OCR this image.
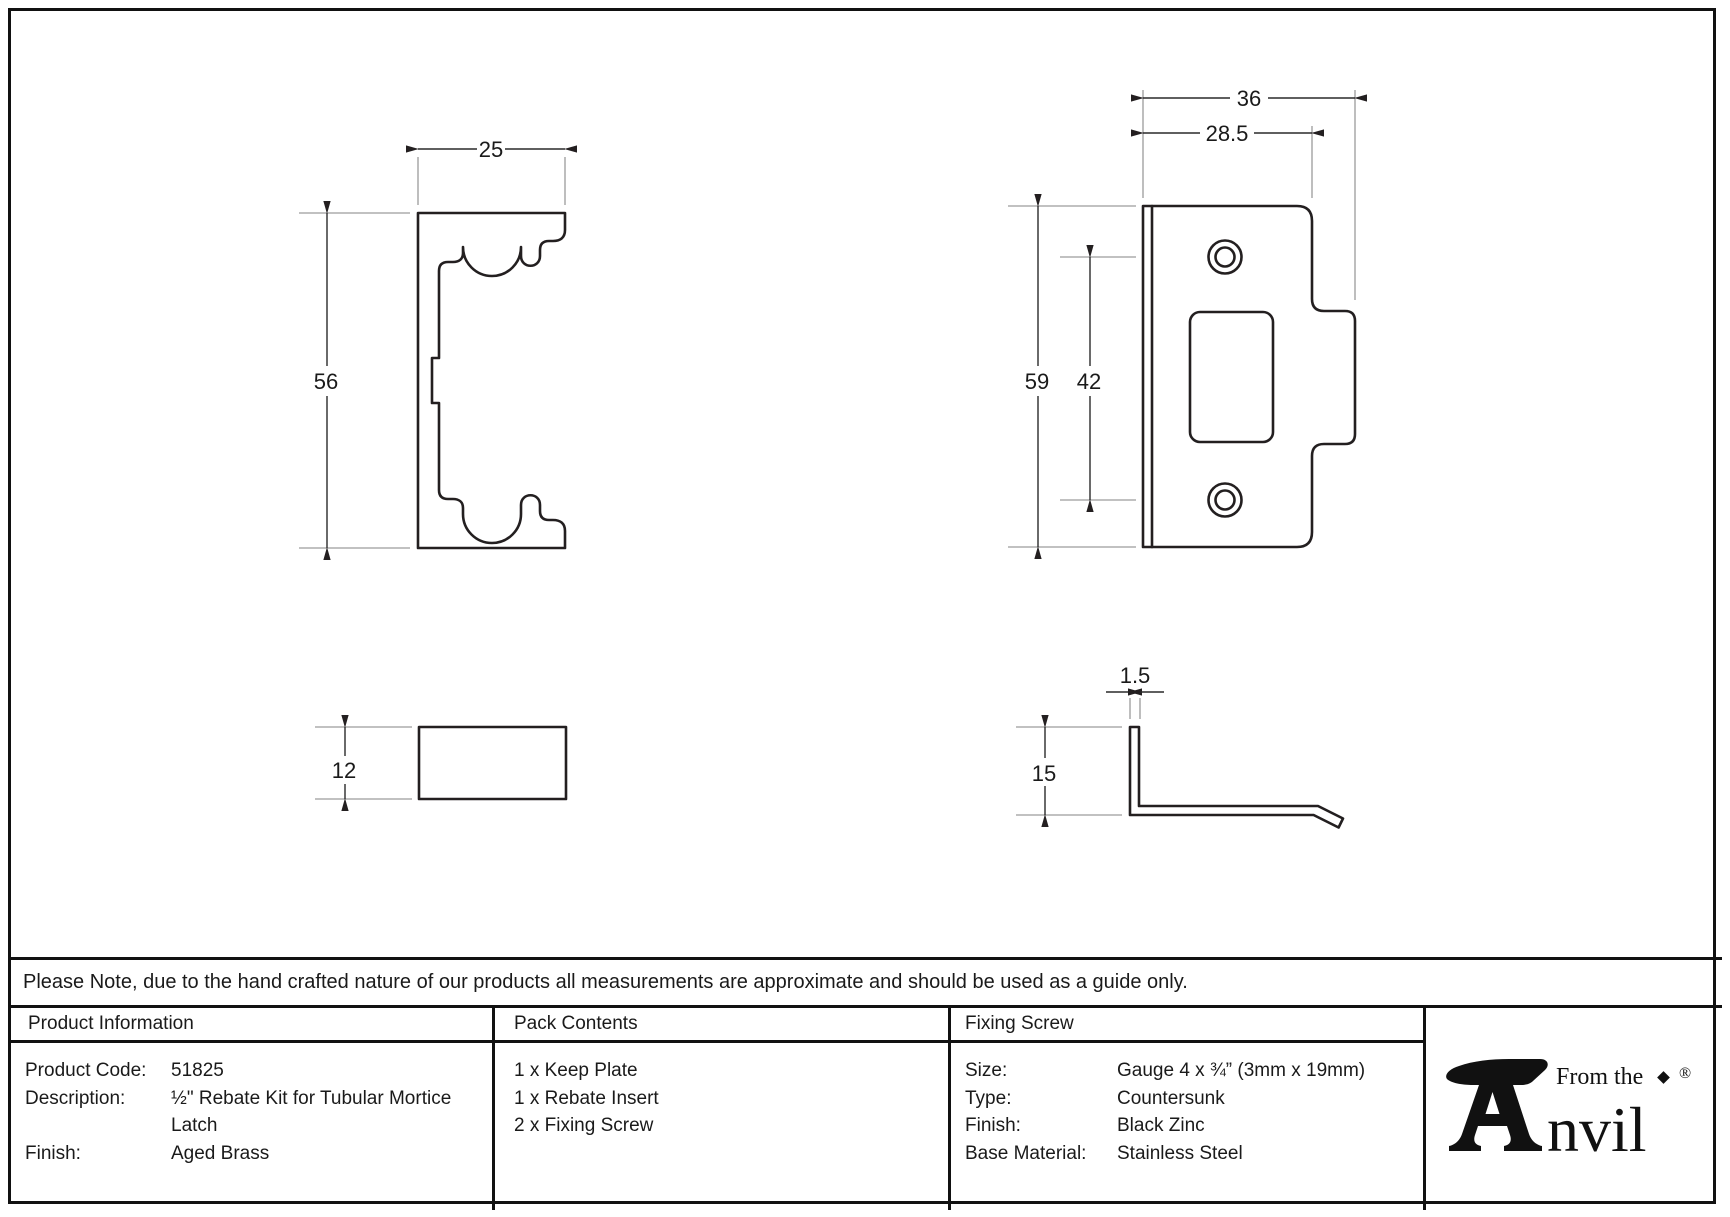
25
56
12
36
28.5
59 42
1.5
15
Please Note, due to the hand crafted nature of our products all measurements are approximate and should be used as a guide only.
Product Information	Pack Contents	Fixing Screw
Product Code:	51825
Description:	½" Rebate Kit for Tubular Mortice Latch
Finish:	Aged Brass
1 x Keep Plate
1 x Rebate Insert
2 x Fixing Screw
Size:	Gauge 4 x ¾” (3mm x 19mm)
Type:	Countersunk
Finish:	Black Zinc
Base Material:	Stainless Steel
From the
nvil
®
